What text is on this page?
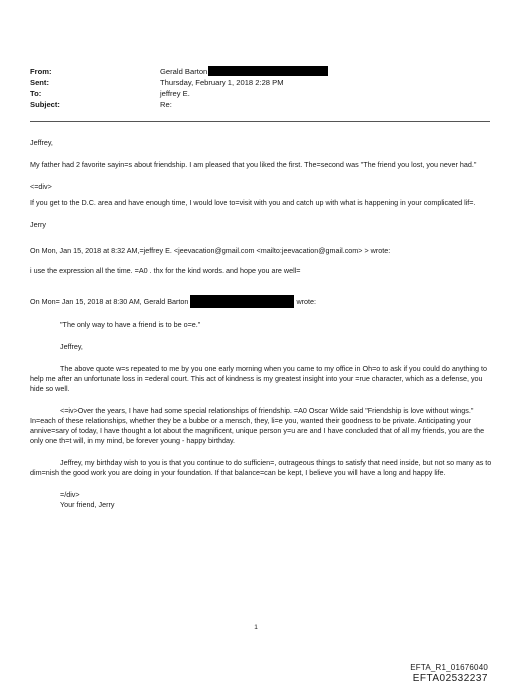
From:	Gerald Barton
Sent:	Thursday, February 1, 2018 2:28 PM
To:	jeffrey E.
Subject:	Re:

Jeffrey,

My father had 2 favorite sayin=s about friendship. I am pleased that you liked the first. The=second was "The friend you lost, you never had."

<=div>

If you get to the D.C. area and have enough time, I would love to=visit with you and catch up with what is happening in your complicated lif=.

Jerry

On Mon, Jan 15, 2018 at 8:32 AM,=jeffrey E. <jeevacation@gmail.com <mailto:jeevacation@gmail.com> > wrote:

i use the expression all the time. =A0 . thx for the kind words. and hope you are well=

On Mon= Jan 15, 2018 at 8:30 AM, Gerald Barton	wrote:

"The only way to have a friend is to be o=e."

Jeffrey,

The above quote w=s repeated to me by you one early morning when you came to my office in Oh=o to ask if you could do anything to help me after an unfortunate loss in =ederal court. This act of kindness is my greatest insight into your =rue character, which as a defense, you hide so well.

<=iv>Over the years, I have had some special relationships of friendship. =A0 Oscar Wilde said "Friendship is love without wings." In=each of these relationships, whether they be a bubbe or a mensch, they, li=e you, wanted their goodness to be private. Anticipating your annive=sary of today, I have thought a lot about the magnificent, unique person y=u are and I have concluded that of all my friends, you are the only one th=t will, in my mind, be forever young - happy birthday.

Jeffrey, my birthday wish to you is that you continue to do sufficien=, outrageous things to satisfy that need inside, but not so many as to dim=nish the good work you are doing in your foundation. If that balance=can be kept, I believe you will have a long and happy life.

=/div>

Your friend, Jerry

1
EFTA_R1_01676040
EFTA02532237
